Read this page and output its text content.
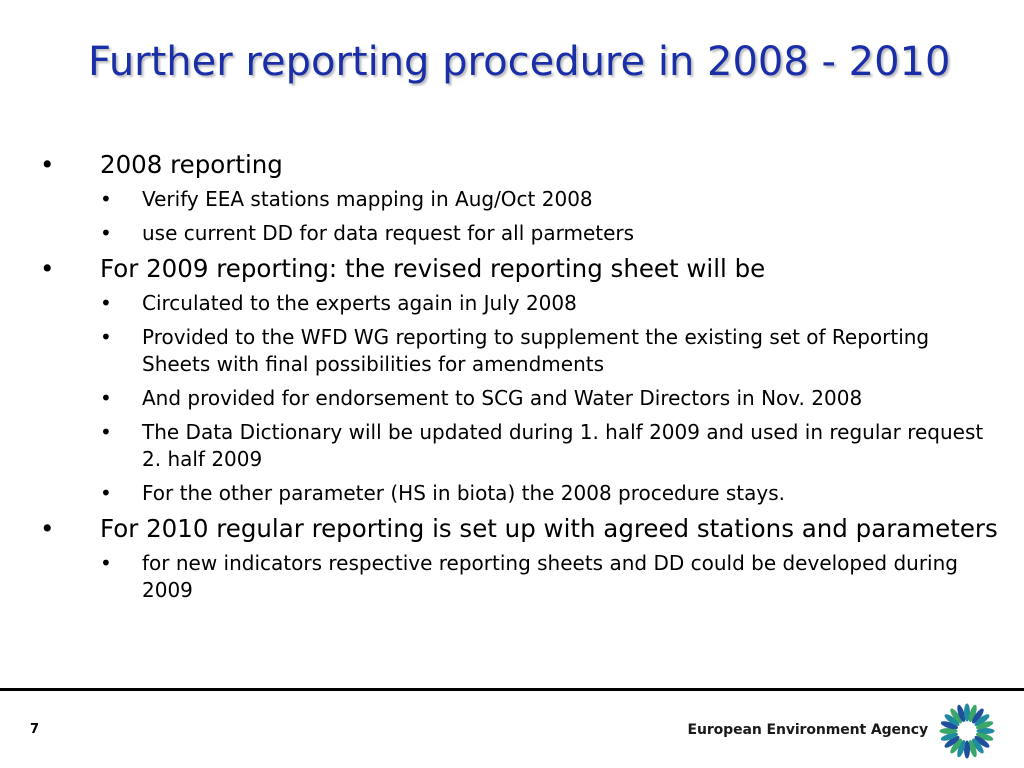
Further reporting procedure in 2008 - 2010
• 2008 reporting
• Verify EEA stations mapping in Aug/Oct 2008
• use current DD for data request for all parmeters
• For 2009 reporting: the revised reporting sheet will be
• Circulated to the experts again in July 2008
• Provided to the WFD WG reporting to supplement the existing set of Reporting Sheets with final possibilities for amendments
• And provided for endorsement to SCG and Water Directors in Nov. 2008
• The Data Dictionary will be updated during 1. half 2009 and used in regular request 2. half 2009
• For the other parameter (HS in biota) the 2008 procedure stays.
• For 2010 regular reporting is set up with agreed stations and parameters
• for new indicators respective reporting sheets and DD could be developed during 2009
7	European Environment Agency
